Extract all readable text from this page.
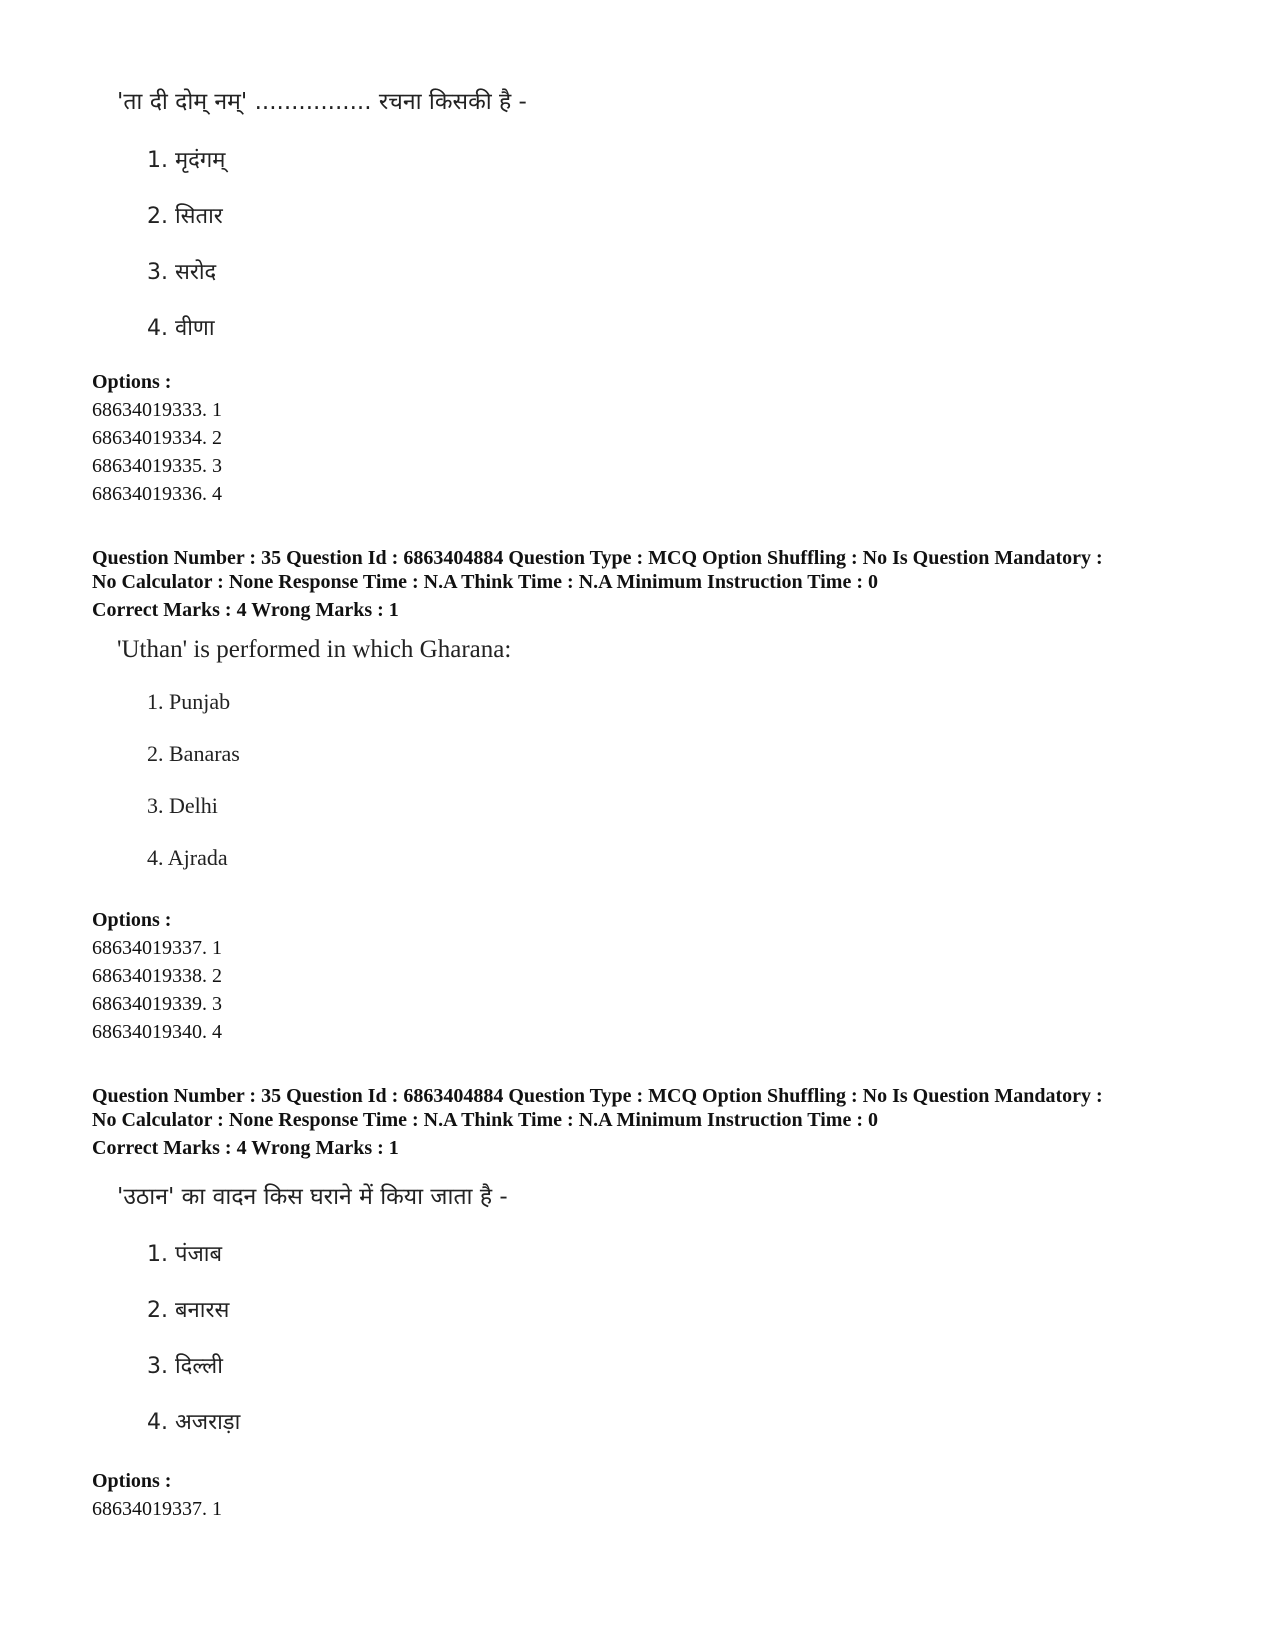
'ता दी दोम् नम्' ................ रचना किसकी है -
1. मृदंगम्
2. सितार
3. सरोद
4. वीणा
Options :
68634019333. 1
68634019334. 2
68634019335. 3
68634019336. 4
Question Number : 35 Question Id : 6863404884 Question Type : MCQ Option Shuffling : No Is Question Mandatory :
No Calculator : None Response Time : N.A Think Time : N.A Minimum Instruction Time : 0
Correct Marks : 4 Wrong Marks : 1
'Uthan' is performed in which Gharana:
1. Punjab
2. Banaras
3. Delhi
4. Ajrada
Options :
68634019337. 1
68634019338. 2
68634019339. 3
68634019340. 4
Question Number : 35 Question Id : 6863404884 Question Type : MCQ Option Shuffling : No Is Question Mandatory :
No Calculator : None Response Time : N.A Think Time : N.A Minimum Instruction Time : 0
Correct Marks : 4 Wrong Marks : 1
'उठान' का वादन किस घराने में किया जाता है -
1. पंजाब
2. बनारस
3. दिल्ली
4. अजराड़ा
Options :
68634019337. 1
